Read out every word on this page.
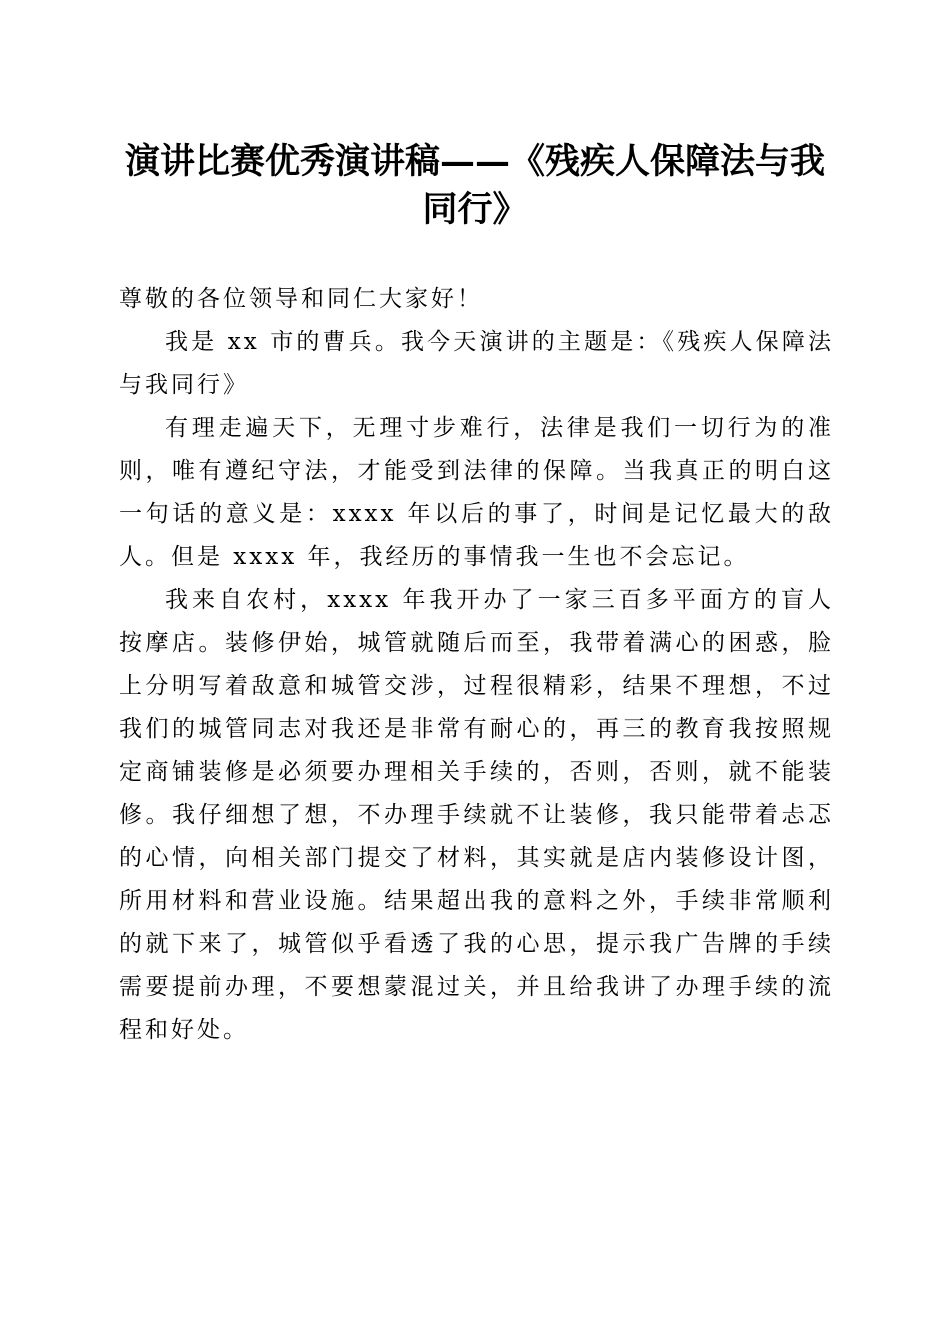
演讲比赛优秀演讲稿——《残疾人保障法与我
同行》

尊敬的各位领导和同仁大家好！

我是 xx 市的曹兵。我今天演讲的主题是：《残疾人保障法与我同行》

有理走遍天下，无理寸步难行，法律是我们一切行为的准则，唯有遵纪守法，才能受到法律的保障。当我真正的明白这一句话的意义是：xxxx 年以后的事了，时间是记忆最大的敌人。但是 xxxx 年，我经历的事情我一生也不会忘记。

我来自农村，xxxx 年我开办了一家三百多平面方的盲人按摩店。装修伊始，城管就随后而至，我带着满心的困惑，脸上分明写着敌意和城管交涉，过程很精彩，结果不理想，不过我们的城管同志对我还是非常有耐心的，再三的教育我按照规定商铺装修是必须要办理相关手续的，否则，否则，就不能装修。我仔细想了想，不办理手续就不让装修，我只能带着忐忑的心情，向相关部门提交了材料，其实就是店内装修设计图，所用材料和营业设施。结果超出我的意料之外，手续非常顺利的就下来了，城管似乎看透了我的心思，提示我广告牌的手续需要提前办理，不要想蒙混过关，并且给我讲了办理手续的流程和好处。
